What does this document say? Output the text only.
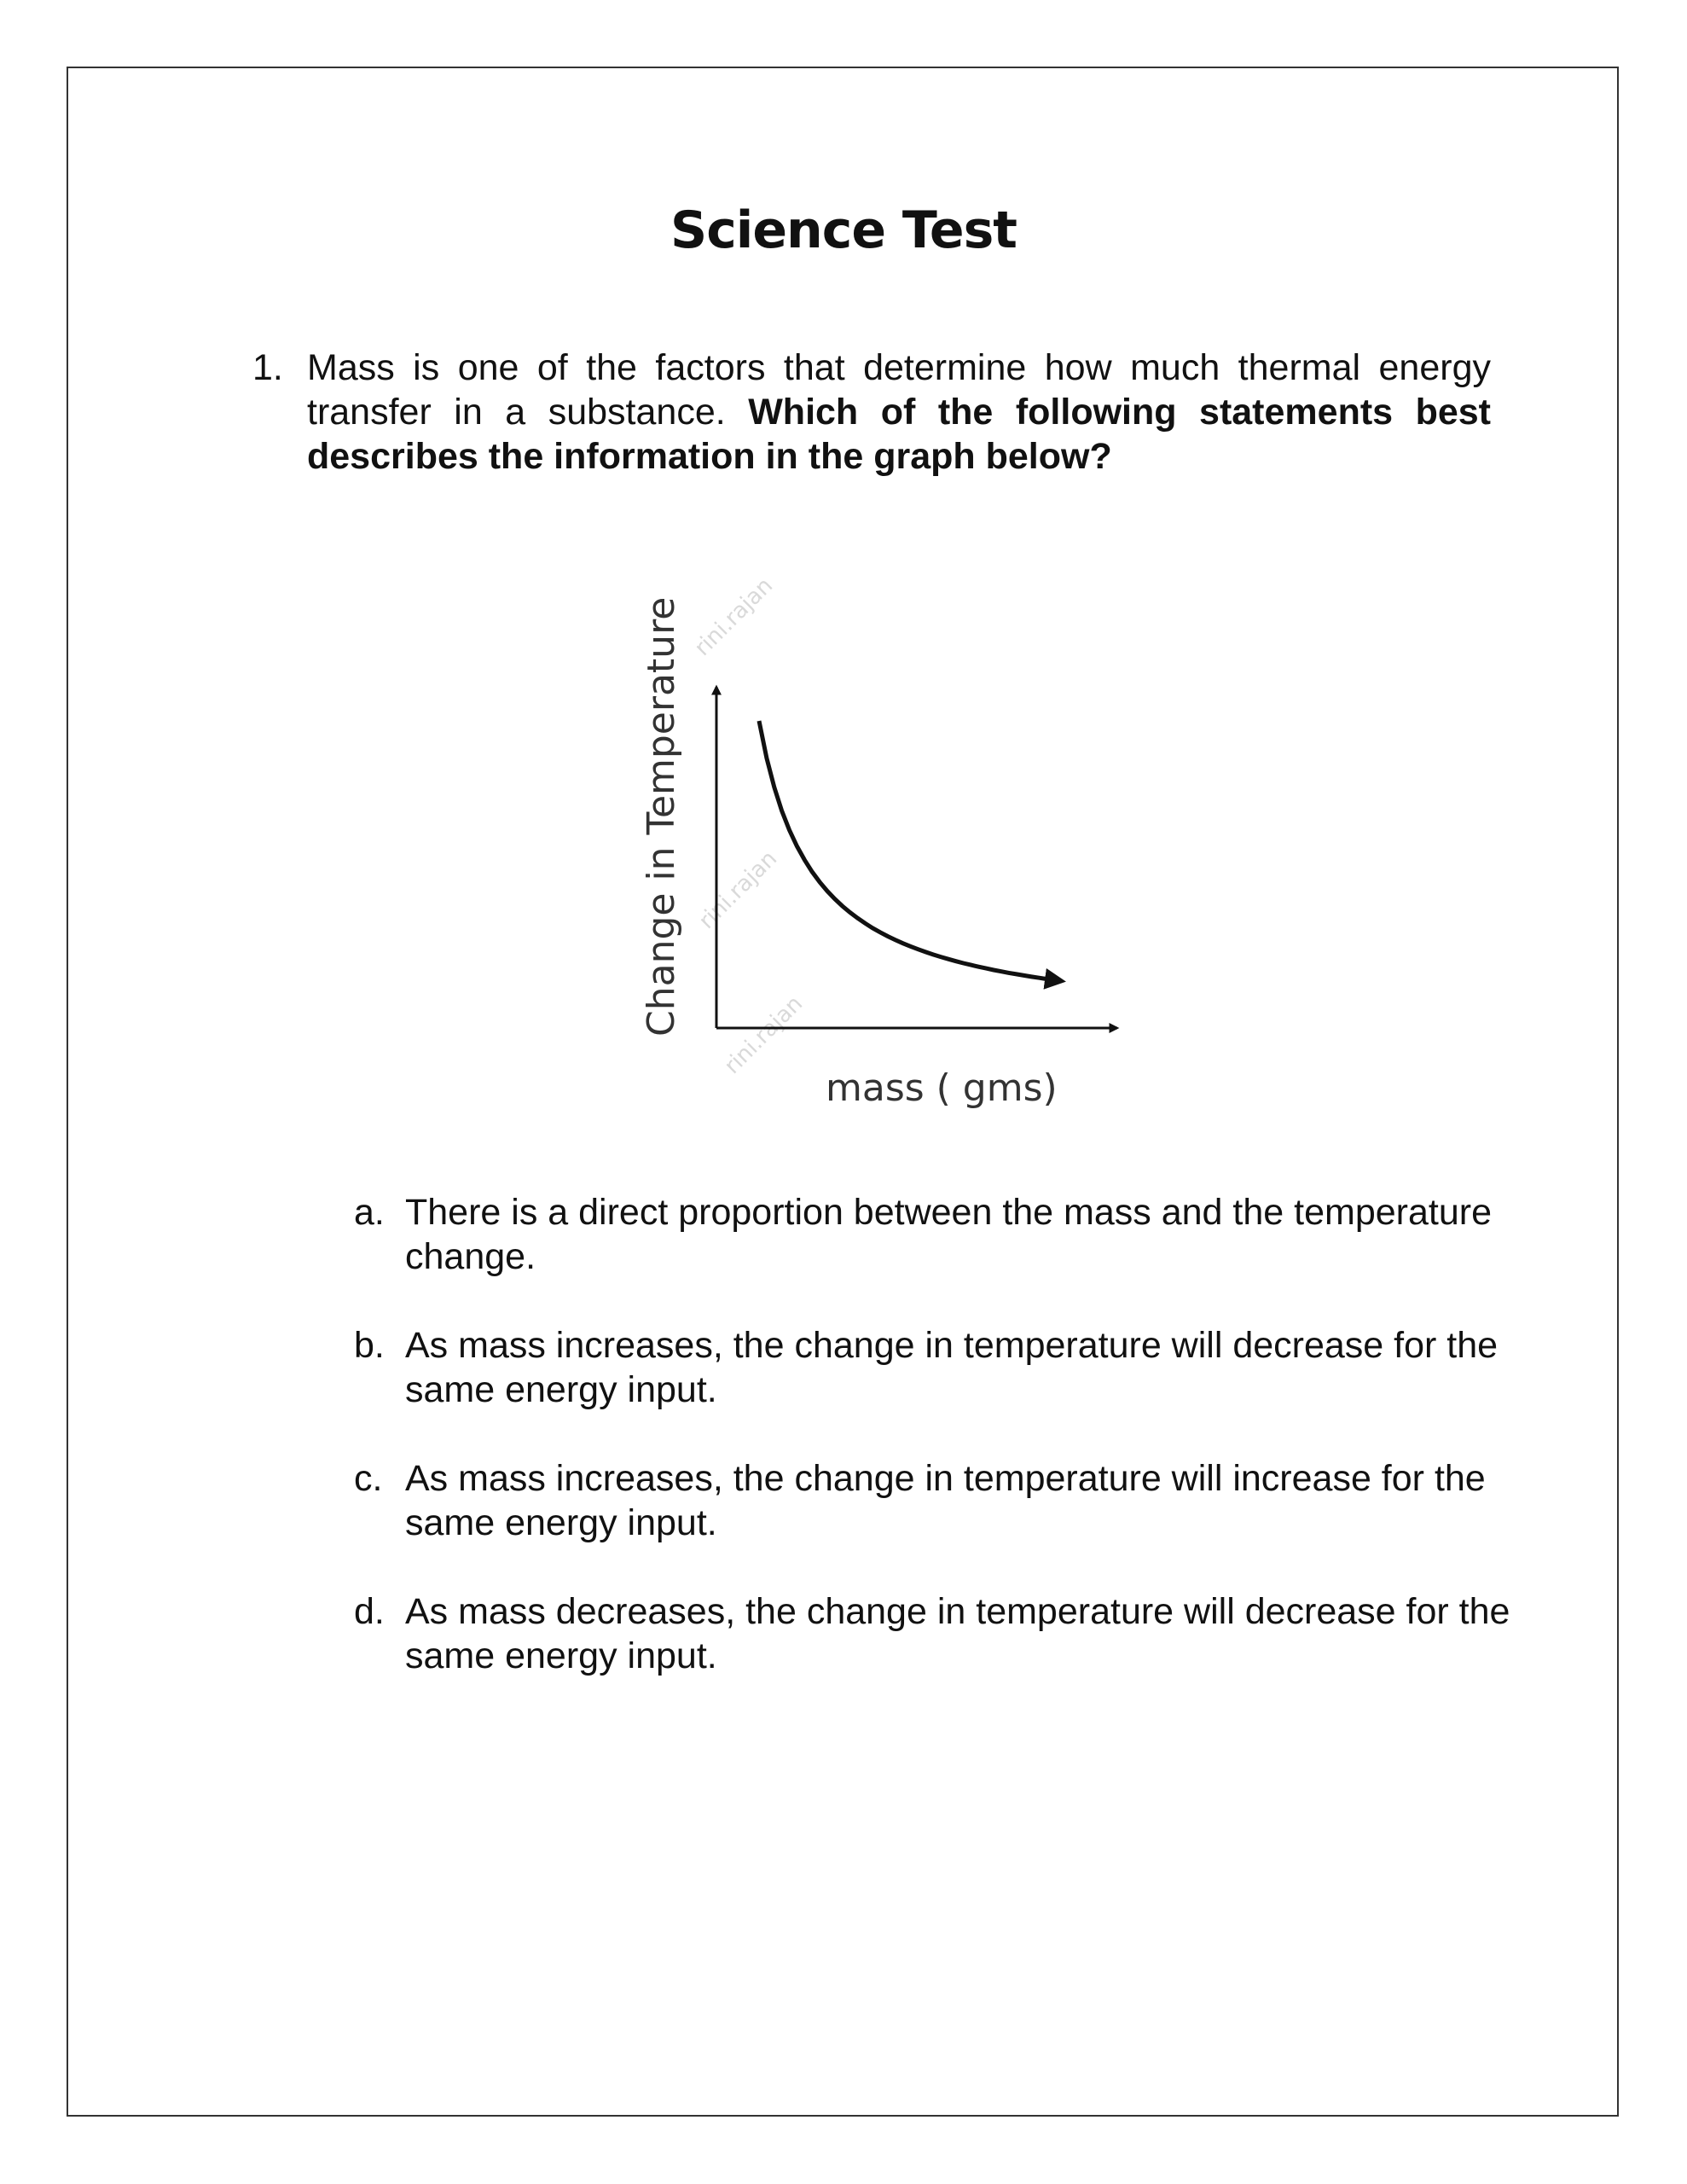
Science Test
1. Mass is one of the factors that determine how much thermal energy transfer in a substance. Which of the following statements best describes the information in the graph below?
rini.rajan
rini.rajan
rini.rajan
Change in Temperature
mass ( gms)
a. There is a direct proportion between the mass and the temperature change.
b. As mass increases, the change in temperature will decrease for the same energy input.
c. As mass increases, the change in temperature will increase for the same energy input.
d. As mass decreases, the change in temperature will decrease for the same energy input.
